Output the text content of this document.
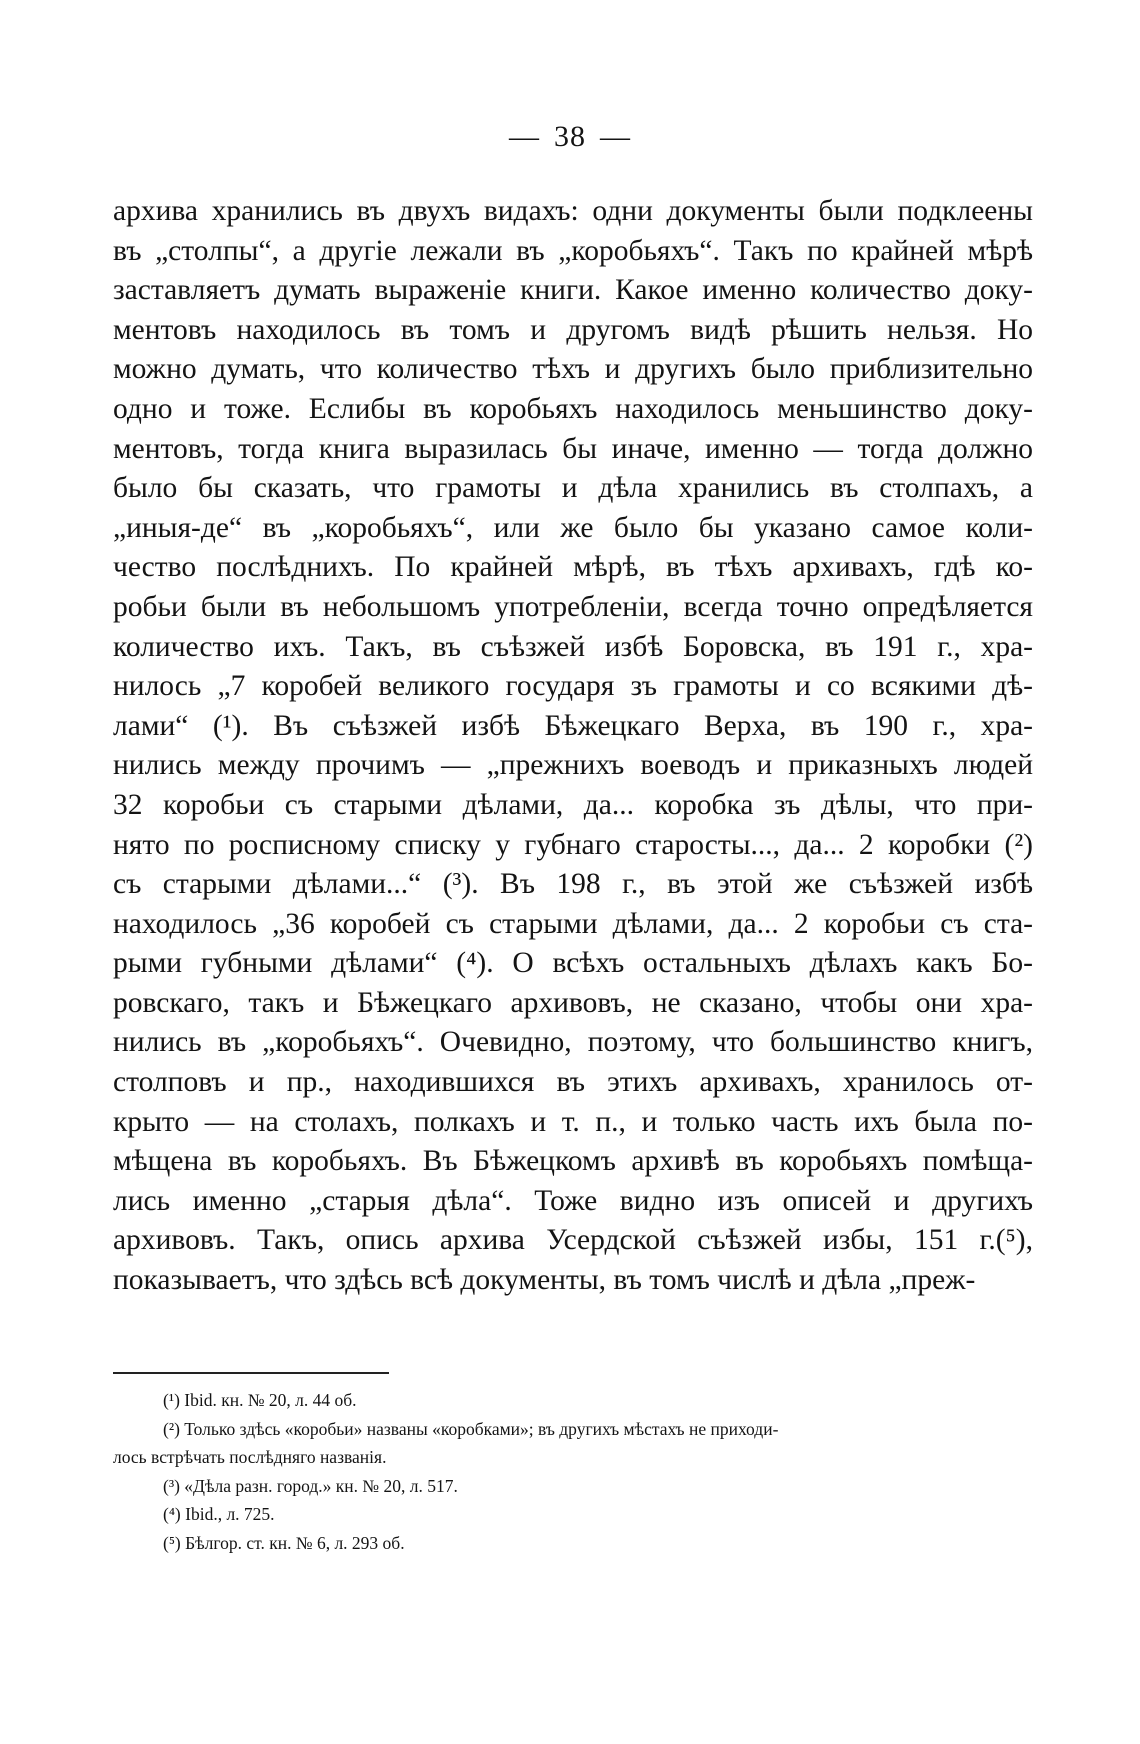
— 38 —
архива хранились въ двухъ видахъ: одни документы были подклеены
въ „столпы“, а другіе лежали въ „коробьяхъ“. Такъ по крайней мѣрѣ
заставляетъ думать выраженіе книги. Какое именно количество доку-
ментовъ находилось въ томъ и другомъ видѣ рѣшить нельзя. Но
можно думать, что количество тѣхъ и другихъ было приблизительно
одно и тоже. Еслибы въ коробьяхъ находилось меньшинство доку-
ментовъ, тогда книга выразилась бы иначе, именно — тогда должно
было бы сказать, что грамоты и дѣла хранились въ столпахъ, а
„иныя-де“ въ „коробьяхъ“, или же было бы указано самое коли-
чество послѣднихъ. По крайней мѣрѣ, въ тѣхъ архивахъ, гдѣ ко-
робьи были въ небольшомъ употребленіи, всегда точно опредѣляется
количество ихъ. Такъ, въ съѣзжей избѣ Боровска, въ 191 г., хра-
нилось „7 коробей великого государя зъ грамоты и со всякими дѣ-
лами“ (¹). Въ съѣзжей избѣ Бѣжецкаго Верха, въ 190 г., хра-
нились между прочимъ — „прежнихъ воеводъ и приказныхъ людей
32 коробьи съ старыми дѣлами, да... коробка зъ дѣлы, что при-
нято по росписному списку у губнаго старосты..., да... 2 коробки (²)
съ старыми дѣлами...“ (³). Въ 198 г., въ этой же съѣзжей избѣ
находилось „36 коробей съ старыми дѣлами, да... 2 коробьи съ ста-
рыми губными дѣлами“ (⁴). О всѣхъ остальныхъ дѣлахъ какъ Бо-
ровскаго, такъ и Бѣжецкаго архивовъ, не сказано, чтобы они хра-
нились въ „коробьяхъ“. Очевидно, поэтому, что большинство книгъ,
столповъ и пр., находившихся въ этихъ архивахъ, хранилось от-
крыто — на столахъ, полкахъ и т. п., и только часть ихъ была по-
мѣщена въ коробьяхъ. Въ Бѣжецкомъ архивѣ въ коробьяхъ помѣща-
лись именно „старыя дѣла“. Тоже видно изъ описей и другихъ
архивовъ. Такъ, опись архива Усердской съѣзжей избы, 151 г.(⁵),
показываетъ, что здѣсь всѣ документы, въ томъ числѣ и дѣла „преж-
(¹) Ibid. кн. № 20, л. 44 об.
(²) Только здѣсь «коробьи» названы «коробками»; въ другихъ мѣстахъ не приходи-
лось встрѣчать послѣдняго названія.
(³) «Дѣла разн. город.» кн. № 20, л. 517.
(⁴) Ibid., л. 725.
(⁵) Бѣлгор. ст. кн. № 6, л. 293 об.
